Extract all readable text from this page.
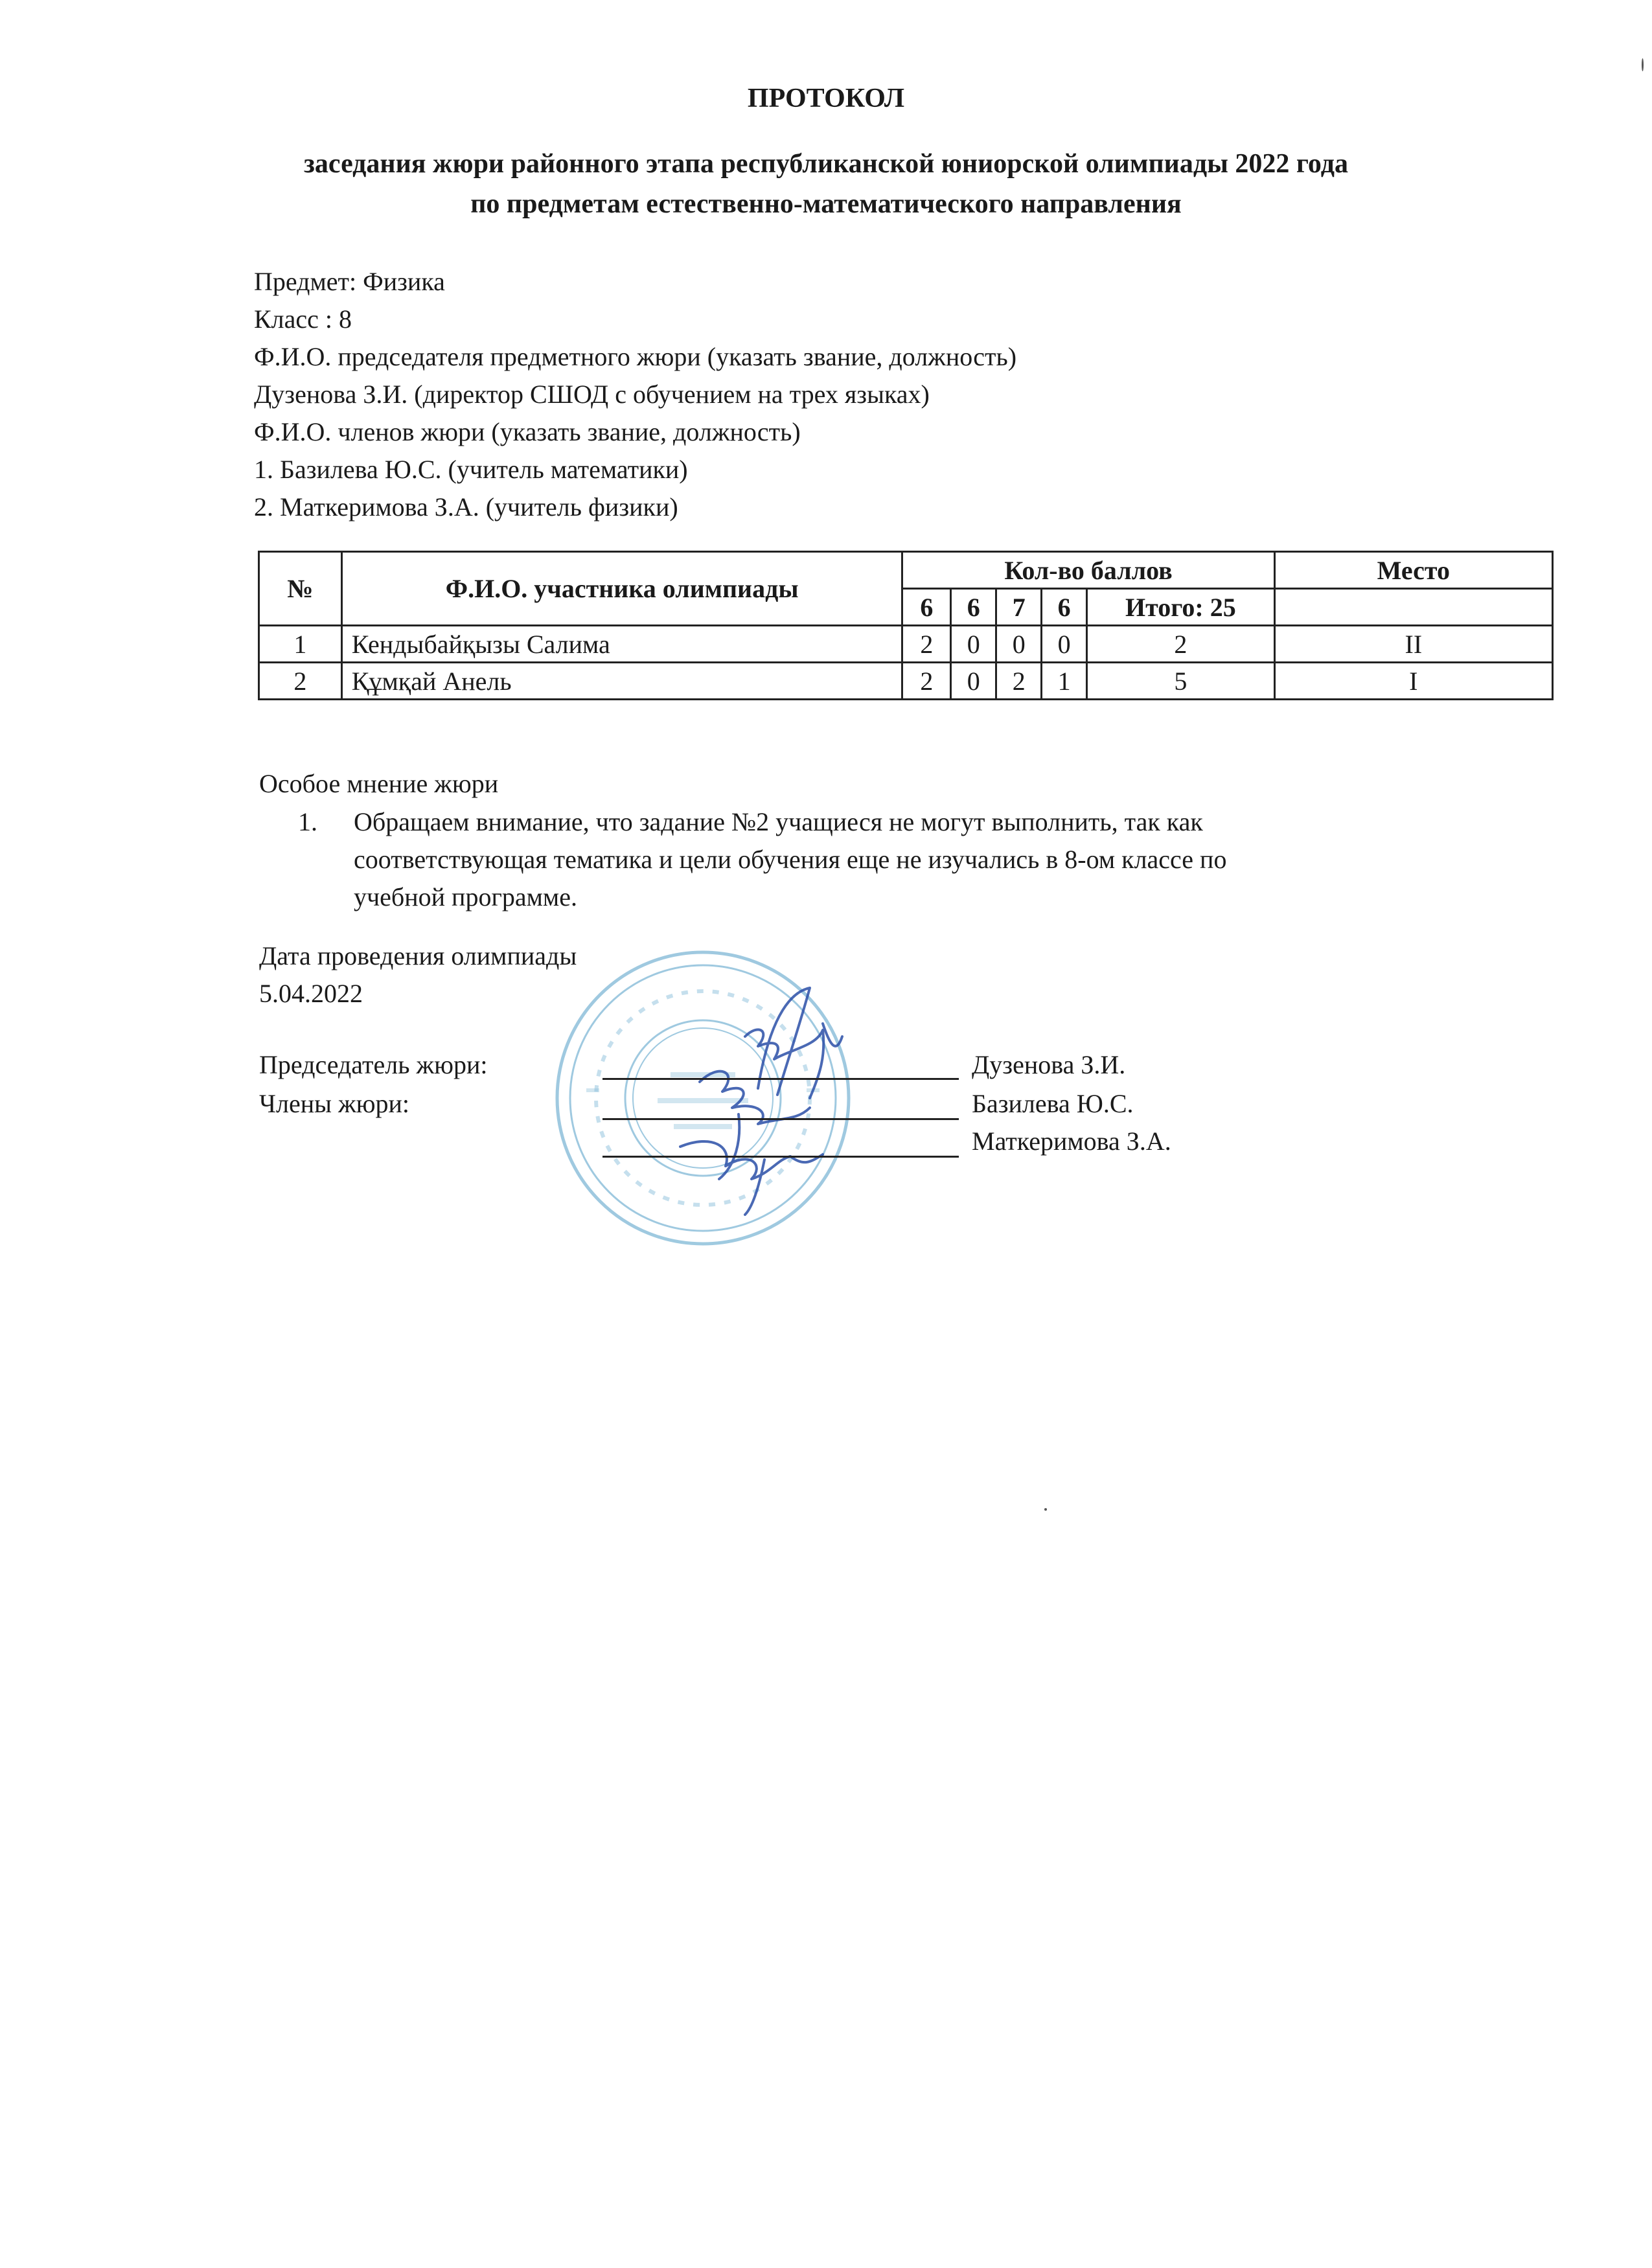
ПРОТОКОЛ
заседания жюри районного этапа республиканской юниорской олимпиады 2022 года
по предметам естественно-математического направления
Предмет: Физика
Класс : 8
Ф.И.О. председателя предметного жюри (указать звание, должность)
Дузенова З.И. (директор СШОД с обучением на трех языках)
Ф.И.О. членов жюри (указать звание, должность)
1. Базилева Ю.С. (учитель математики)
2. Маткеримова З.А. (учитель физики)
№	Ф.И.О. участника олимпиады	Кол-во баллов					Место
		6	6	7	6	Итого: 25	
1	Кендыбайқызы Салима	2	0	0	0	2	II
2	Құмқай Анель	2	0	2	1	5	I
Особое мнение жюри
1.	Обращаем внимание, что задание №2 учащиеся не могут выполнить, так как
соответствующая тематика и цели обучения еще не изучались в 8-ом классе по
учебной программе.
Дата проведения олимпиады
5.04.2022
Председатель жюри:
Члены жюри:
Дузенова З.И.
Базилева Ю.С.
Маткеримова З.А.
